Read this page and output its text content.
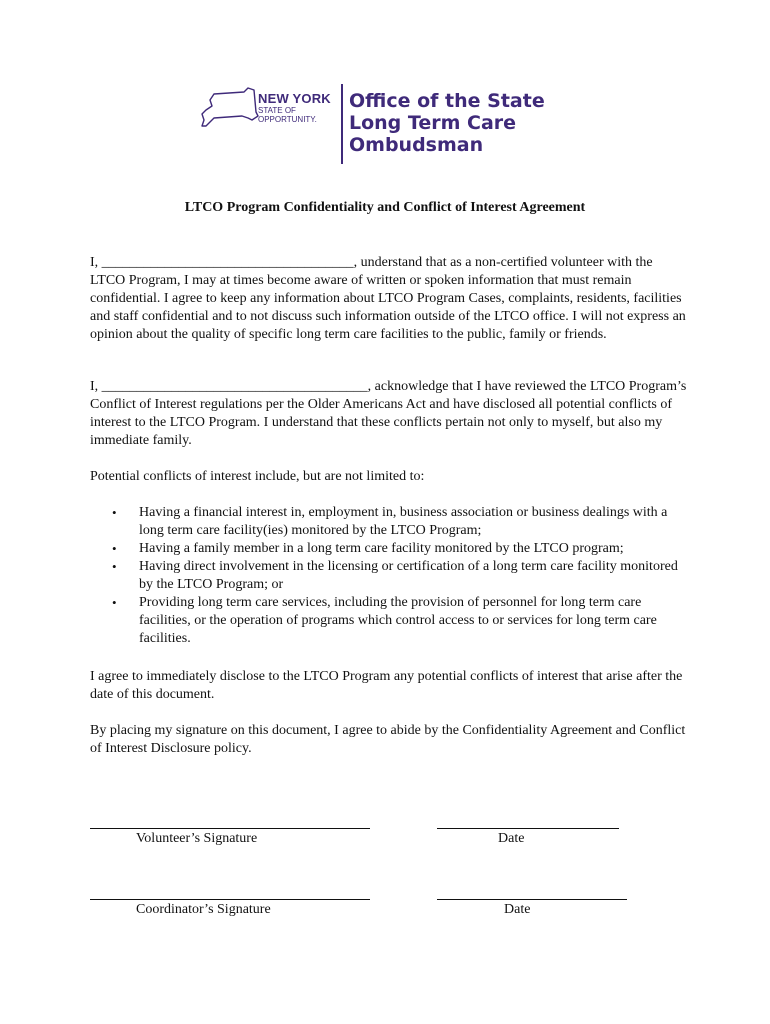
NEW YORK
STATE OF OPPORTUNITY.
Office of the State
Long Term Care
Ombudsman
LTCO Program Confidentiality and Conflict of Interest Agreement
I, ____________________________________, understand that as a non-certified volunteer with the LTCO Program, I may at times become aware of written or spoken information that must remain confidential. I agree to keep any information about LTCO Program Cases, complaints, residents, facilities and staff confidential and to not discuss such information outside of the LTCO office. I will not express an opinion about the quality of specific long term care facilities to the public, family or friends.
I, ______________________________________, acknowledge that I have reviewed the LTCO Program’s Conflict of Interest regulations per the Older Americans Act and have disclosed all potential conflicts of interest to the LTCO Program. I understand that these conflicts pertain not only to myself, but also my immediate family.
Potential conflicts of interest include, but are not limited to:
• Having a financial interest in, employment in, business association or business dealings with a long term care facility(ies) monitored by the LTCO Program;
• Having a family member in a long term care facility monitored by the LTCO program;
• Having direct involvement in the licensing or certification of a long term care facility monitored by the LTCO Program; or
• Providing long term care services, including the provision of personnel for long term care facilities, or the operation of programs which control access to or services for long term care facilities.
I agree to immediately disclose to the LTCO Program any potential conflicts of interest that arise after the date of this document.
By placing my signature on this document, I agree to abide by the Confidentiality Agreement and Conflict of Interest Disclosure policy.
Volunteer’s Signature	Date
Coordinator’s Signature	Date
